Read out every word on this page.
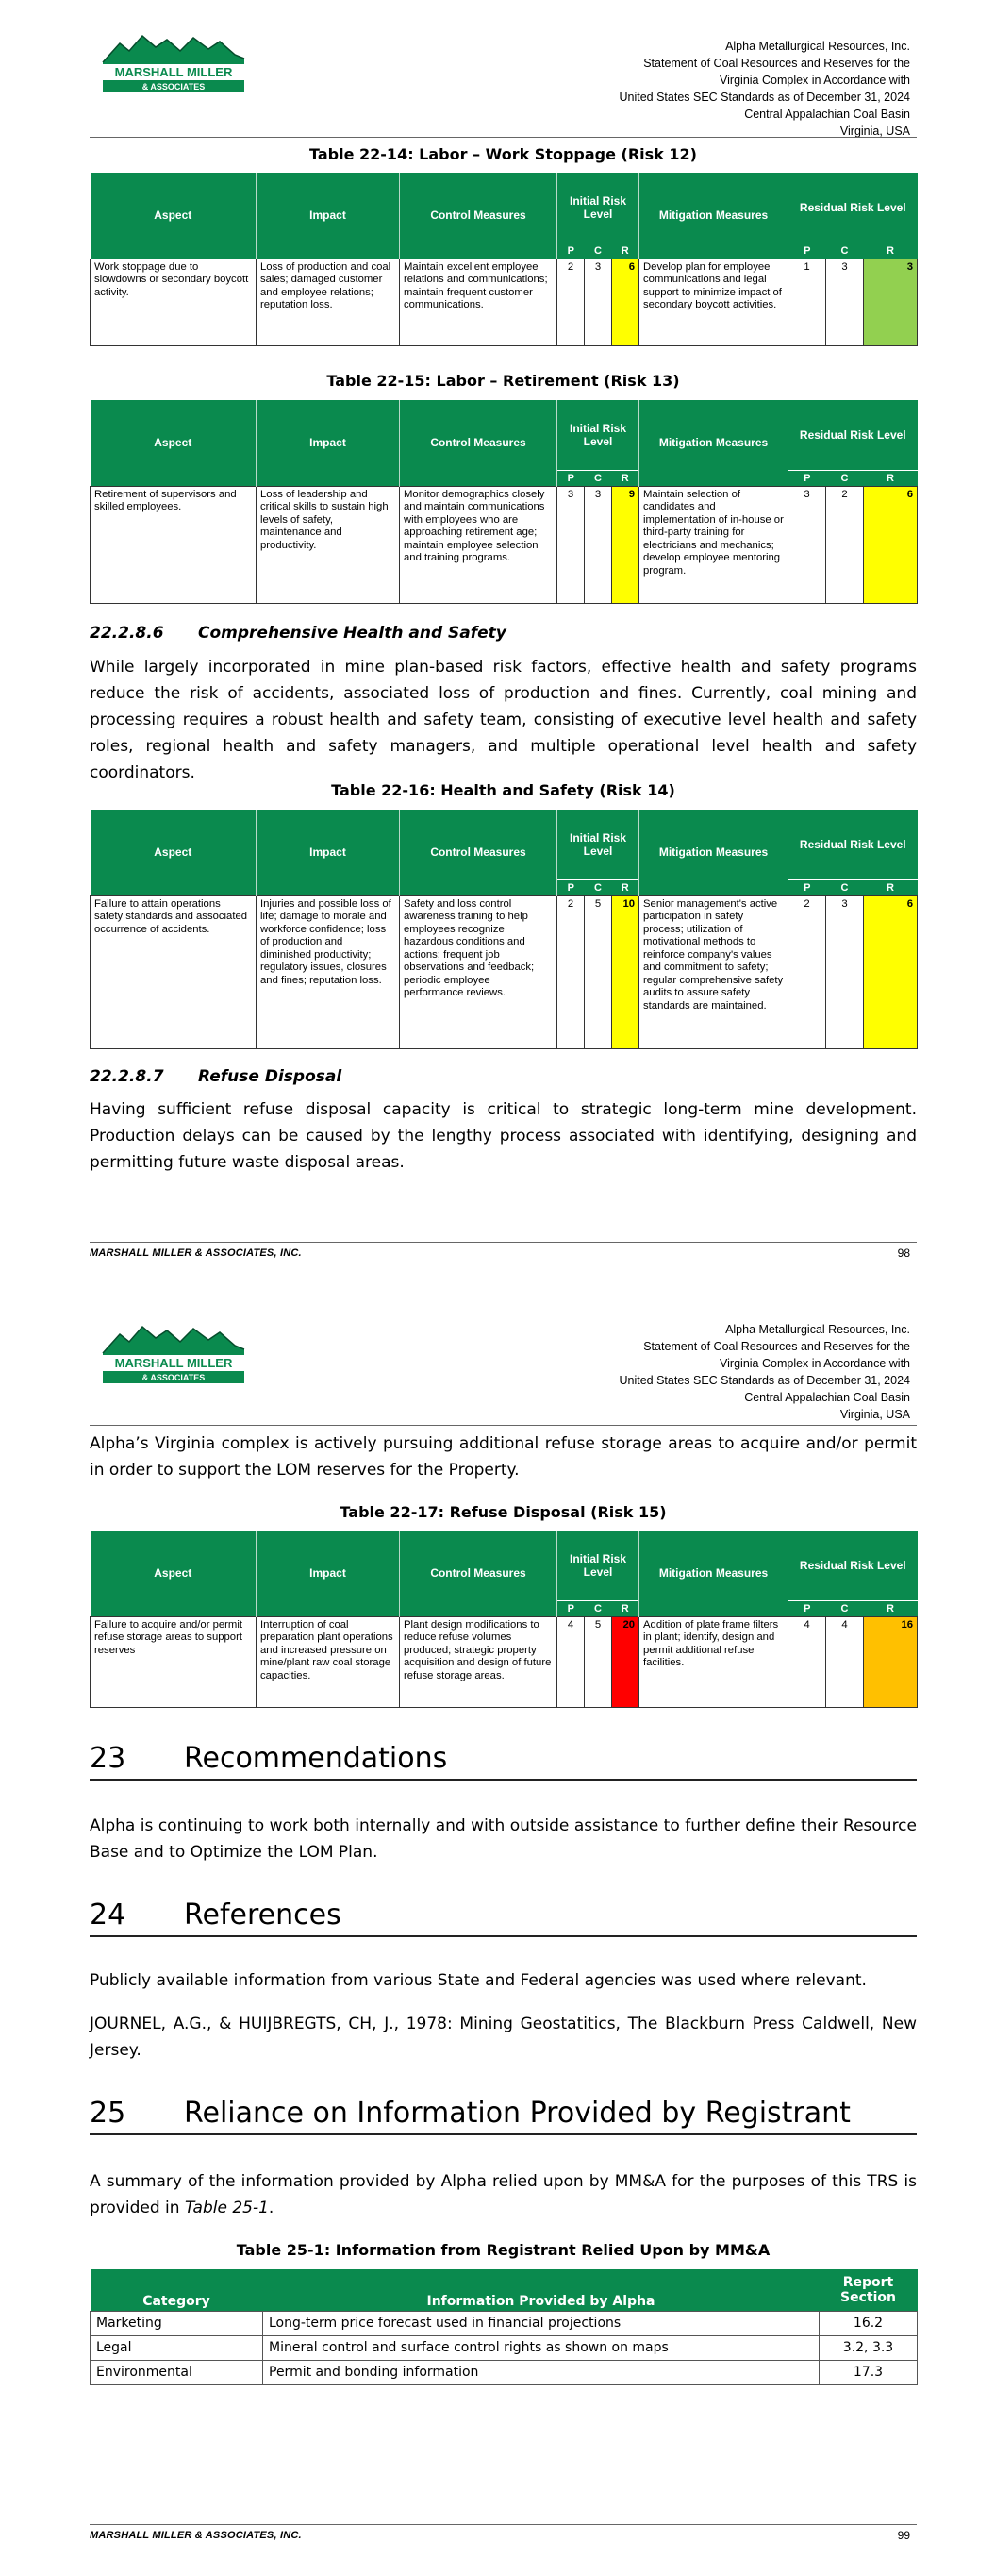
MARSHALL MILLER
& ASSOCIATES
Alpha Metallurgical Resources, Inc.
Statement of Coal Resources and Reserves for the
Virginia Complex in Accordance with
United States SEC Standards as of December 31, 2024
Central Appalachian Coal Basin
Virginia, USA
Table 22-14: Labor – Work Stoppage (Risk 12)
Aspect	Impact	Control Measures	Initial Risk Level			Mitigation Measures	Residual Risk Level		
			P	C	R		P	C	R
Work stoppage due to slowdowns or secondary boycott activity.	Loss of production and coal sales; damaged customer and employee relations; reputation loss.	Maintain excellent employee relations and communications; maintain frequent customer communications.	2	3	6	Develop plan for employee communications and legal support to minimize impact of secondary boycott activities.	1	3	3
Table 22-15: Labor – Retirement (Risk 13)
Aspect	Impact	Control Measures	Initial Risk Level			Mitigation Measures	Residual Risk Level		
			P	C	R		P	C	R
Retirement of supervisors and skilled employees.	Loss of leadership and critical skills to sustain high levels of safety, maintenance and productivity.	Monitor demographics closely and maintain communications with employees who are approaching retirement age; maintain employee selection and training programs.	3	3	9	Maintain selection of candidates and implementation of in-house or third-party training for electricians and mechanics; develop employee mentoring program.	3	2	6
22.2.8.6 Comprehensive Health and Safety
While largely incorporated in mine plan-based risk factors, effective health and safety programs reduce the risk of accidents, associated loss of production and fines. Currently, coal mining and processing requires a robust health and safety team, consisting of executive level health and safety roles, regional health and safety managers, and multiple operational level health and safety coordinators.
Table 22-16: Health and Safety (Risk 14)
Aspect	Impact	Control Measures	Initial Risk Level			Mitigation Measures	Residual Risk Level		
			P	C	R		P	C	R
Failure to attain operations safety standards and associated occurrence of accidents.	Injuries and possible loss of life; damage to morale and workforce confidence; loss of production and diminished productivity; regulatory issues, closures and fines; reputation loss.	Safety and loss control awareness training to help employees recognize hazardous conditions and actions; frequent job observations and feedback; periodic employee performance reviews.	2	5	10	Senior management's active participation in safety process; utilization of motivational methods to reinforce company's values and commitment to safety; regular comprehensive safety audits to assure safety standards are maintained.	2	3	6
22.2.8.7 Refuse Disposal
Having sufficient refuse disposal capacity is critical to strategic long-term mine development. Production delays can be caused by the lengthy process associated with identifying, designing and permitting future waste disposal areas.
MARSHALL MILLER & ASSOCIATES, INC.	98
MARSHALL MILLER
& ASSOCIATES
Alpha Metallurgical Resources, Inc.
Statement of Coal Resources and Reserves for the
Virginia Complex in Accordance with
United States SEC Standards as of December 31, 2024
Central Appalachian Coal Basin
Virginia, USA
Alpha’s Virginia complex is actively pursuing additional refuse storage areas to acquire and/or permit in order to support the LOM reserves for the Property.
Table 22-17: Refuse Disposal (Risk 15)
Aspect	Impact	Control Measures	Initial Risk Level			Mitigation Measures	Residual Risk Level		
			P	C	R		P	C	R
Failure to acquire and/or permit refuse storage areas to support reserves	Interruption of coal preparation plant operations and increased pressure on mine/plant raw coal storage capacities.	Plant design modifications to reduce refuse volumes produced; strategic property acquisition and design of future refuse storage areas.	4	5	20	Addition of plate frame filters in plant; identify, design and permit additional refuse facilities.	4	4	16
23 Recommendations
Alpha is continuing to work both internally and with outside assistance to further define their Resource Base and to Optimize the LOM Plan.
24 References
Publicly available information from various State and Federal agencies was used where relevant.
JOURNEL, A.G., & HUIJBREGTS, CH, J., 1978: Mining Geostatitics, The Blackburn Press Caldwell, New Jersey.
25 Reliance on Information Provided by Registrant
A summary of the information provided by Alpha relied upon by MM&A for the purposes of this TRS is provided in Table 25-1.
Table 25-1: Information from Registrant Relied Upon by MM&A
Category	Information Provided by Alpha	Report Section
Marketing	Long-term price forecast used in financial projections	16.2
Legal	Mineral control and surface control rights as shown on maps	3.2, 3.3
Environmental	Permit and bonding information	17.3
MARSHALL MILLER & ASSOCIATES, INC.	99
